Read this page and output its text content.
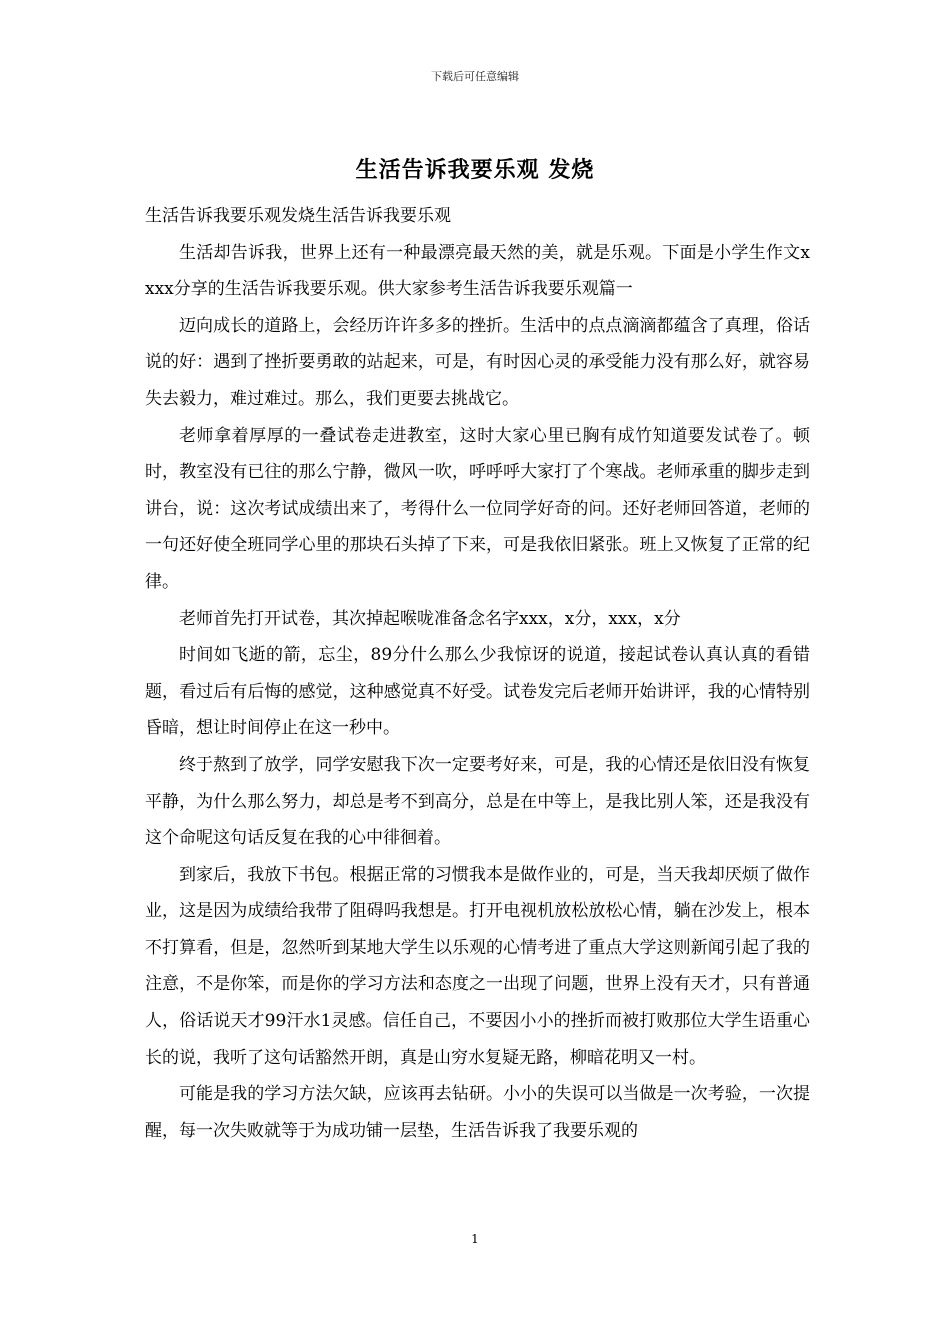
下载后可任意编辑
生活告诉我要乐观 发烧

生活告诉我要乐观发烧生活告诉我要乐观

生活却告诉我，世界上还有一种最漂亮最天然的美，就是乐观。下面是小学生作文xxxx分享的生活告诉我要乐观。供大家参考生活告诉我要乐观篇一

迈向成长的道路上，会经历许许多多的挫折。生活中的点点滴滴都蕴含了真理，俗话说的好：遇到了挫折要勇敢的站起来，可是，有时因心灵的承受能力没有那么好，就容易失去毅力，难过难过。那么，我们更要去挑战它。

老师拿着厚厚的一叠试卷走进教室，这时大家心里已胸有成竹知道要发试卷了。顿时，教室没有已往的那么宁静，微风一吹，呼呼呼大家打了个寒战。老师承重的脚步走到讲台，说：这次考试成绩出来了，考得什么一位同学好奇的问。还好老师回答道，老师的一句还好使全班同学心里的那块石头掉了下来，可是我依旧紧张。班上又恢复了正常的纪律。

老师首先打开试卷，其次掉起喉咙准备念名字xxx，x分，xxx，x分

时间如飞逝的箭，忘尘，89分什么那么少我惊讶的说道，接起试卷认真认真的看错题，看过后有后悔的感觉，这种感觉真不好受。试卷发完后老师开始讲评，我的心情特别昏暗，想让时间停止在这一秒中。

终于熬到了放学，同学安慰我下次一定要考好来，可是，我的心情还是依旧没有恢复平静，为什么那么努力，却总是考不到高分，总是在中等上，是我比别人笨，还是我没有这个命呢这句话反复在我的心中徘徊着。

到家后，我放下书包。根据正常的习惯我本是做作业的，可是，当天我却厌烦了做作业，这是因为成绩给我带了阻碍吗我想是。打开电视机放松放松心情，躺在沙发上，根本不打算看，但是，忽然听到某地大学生以乐观的心情考进了重点大学这则新闻引起了我的注意，不是你笨，而是你的学习方法和态度之一出现了问题，世界上没有天才，只有普通人，俗话说天才99汗水1灵感。信任自己，不要因小小的挫折而被打败那位大学生语重心长的说，我听了这句话豁然开朗，真是山穷水复疑无路，柳暗花明又一村。

可能是我的学习方法欠缺，应该再去钻研。小小的失误可以当做是一次考验，一次提醒，每一次失败就等于为成功铺一层垫，生活告诉我了我要乐观的

1
